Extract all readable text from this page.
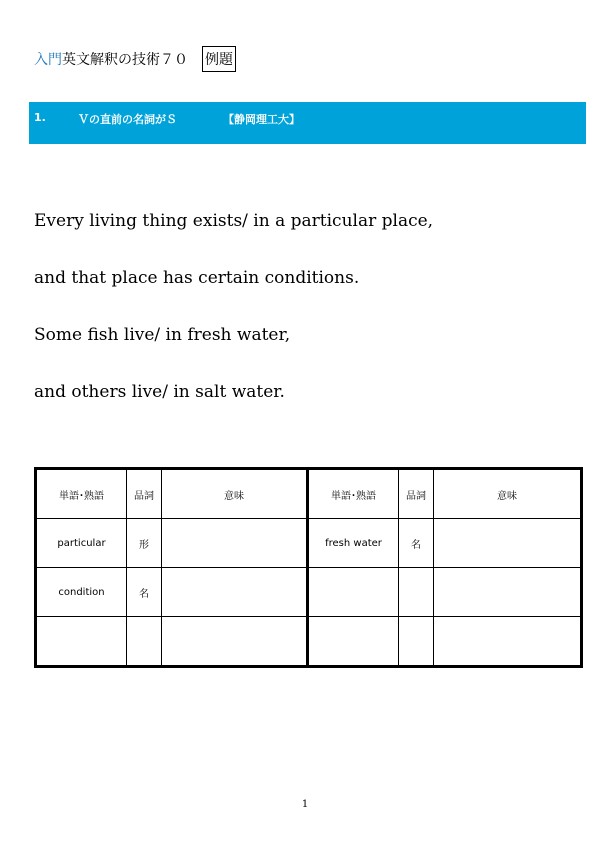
入門 英文解釈の技術７０ 例題
1.	Ｖの直前の名詞がＳ	【静岡理工大】
Every living thing exists/ in a particular place,
and that place has certain conditions.
Some fish live/ in fresh water,
and others live/ in salt water.
単語･熟語	品詞	意味	単語･熟語	品詞	意味
particular	形		fresh water	名	
condition	名				

1
